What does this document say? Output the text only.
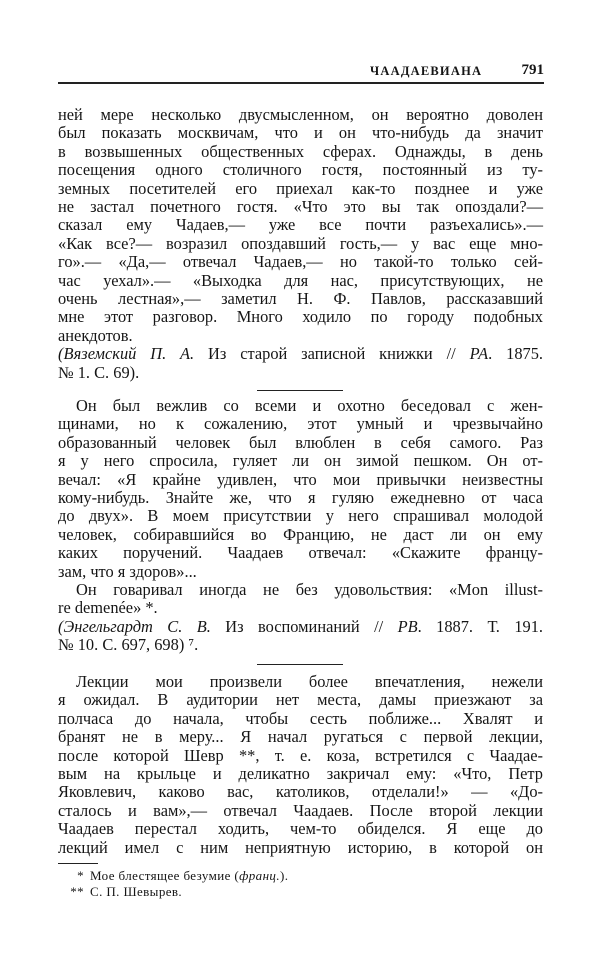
ЧААДАЕВИАНА	791
ней мере несколько двусмысленном, он вероятно доволен
был показать москвичам, что и он что-нибудь да значит
в возвышенных общественных сферах. Однажды, в день
посещения одного столичного гостя, постоянный из ту-
земных посетителей его приехал как-то позднее и уже
не застал почетного гостя. «Что это вы так опоздали?—
сказал ему Чадаев,— уже все почти разъехались».—
«Как все?— возразил опоздавший гость,— у вас еще мно-
го».— «Да,— отвечал Чадаев,— но такой-то только сей-
час уехал».— «Выходка для нас, присутствующих, не
очень лестная»,— заметил Н. Ф. Павлов, рассказавший
мне этот разговор. Много ходило по городу подобных
анекдотов.
(Вяземский П. А. Из старой записной книжки // РА. 1875.
№ 1. С. 69).
Он был вежлив со всеми и охотно беседовал с жен-
щинами, но к сожалению, этот умный и чрезвычайно
образованный человек был влюблен в себя самого. Раз
я у него спросила, гуляет ли он зимой пешком. Он от-
вечал: «Я крайне удивлен, что мои привычки неизвестны
кому-нибудь. Знайте же, что я гуляю ежедневно от часа
до двух». В моем присутствии у него спрашивал молодой
человек, собиравшийся во Францию, не даст ли он ему
каких поручений. Чаадаев отвечал: «Скажите францу-
зам, что я здоров»...
Он говаривал иногда не без удовольствия: «Mon illust-
re demenée» *.
(Энгельгардт С. В. Из воспоминаний // РВ. 1887. Т. 191.
№ 10. С. 697, 698) ⁷.
Лекции мои произвели более впечатления, нежели
я ожидал. В аудитории нет места, дамы приезжают за
полчаса до начала, чтобы сесть поближе... Хвалят и
бранят не в меру... Я начал ругаться с первой лекции,
после которой Шевр **, т. е. коза, встретился с Чаадае-
вым на крыльце и деликатно закричал ему: «Что, Петр
Яковлевич, каково вас, католиков, отделали!» — «До-
сталось и вам»,— отвечал Чаадаев. После второй лекции
Чаадаев перестал ходить, чем-то обиделся. Я еще до
лекций имел с ним неприятную историю, в которой он
* Мое блестящее безумие (франц.).
** С. П. Шевырев.
